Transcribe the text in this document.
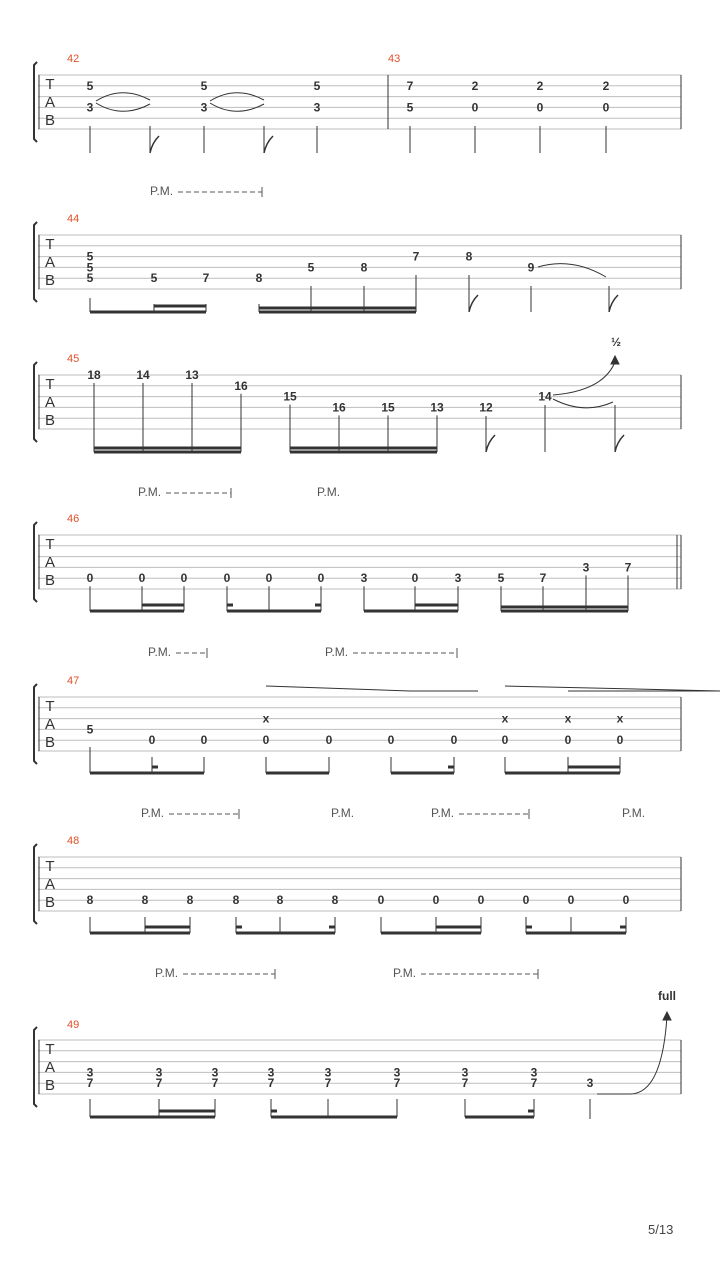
42	43
T
A
B
5
3
5
3
5
3
7
5
2
0
2
0
2
0
P.M.
44
T
A
B
5
5
5	5	7	8
5	8
7	8
9
45
T
A
B
18	14	13
16
15
16	15	13	12
14
½
P.M.	P.M.
46
T
A
B	0	0	0	0	0	0	3	0	3	5	7
3	7
P.M.	P.M.
47
T
A
B
5
0	0
x
0	0	0	0
x
0
x
0
x
0
P.M.	P.M.	P.M.	P.M.
48
T
A
B	8	8	8	8	8	8	0	0	0	0	0	0
P.M.	P.M.
49
T
A
B
3
7
3
7
3
7
3
7
3
7
3
7
3
7
3
7	3
full
5/13
